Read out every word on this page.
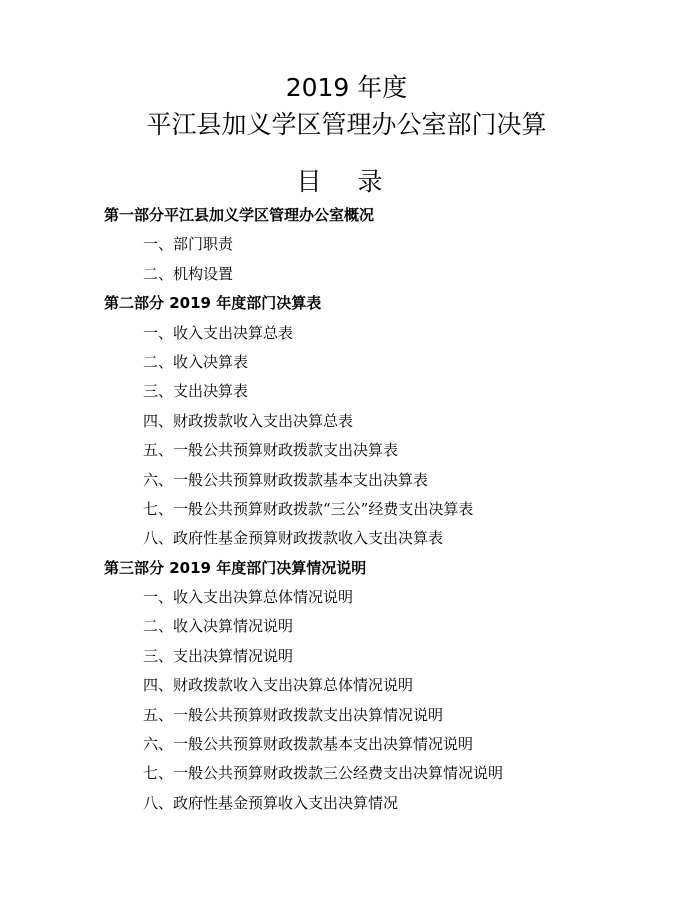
2019 年度
平江县加义学区管理办公室部门决算
目 录
第一部分平江县加义学区管理办公室概况
一、部门职责
二、机构设置
第二部分 2019 年度部门决算表
一、收入支出决算总表
二、收入决算表
三、支出决算表
四、财政拨款收入支出决算总表
五、一般公共预算财政拨款支出决算表
六、一般公共预算财政拨款基本支出决算表
七、一般公共预算财政拨款“三公”经费支出决算表
八、政府性基金预算财政拨款收入支出决算表
第三部分 2019 年度部门决算情况说明
一、收入支出决算总体情况说明
二、收入决算情况说明
三、支出决算情况说明
四、财政拨款收入支出决算总体情况说明
五、一般公共预算财政拨款支出决算情况说明
六、一般公共预算财政拨款基本支出决算情况说明
七、一般公共预算财政拨款三公经费支出决算情况说明
八、政府性基金预算收入支出决算情况
